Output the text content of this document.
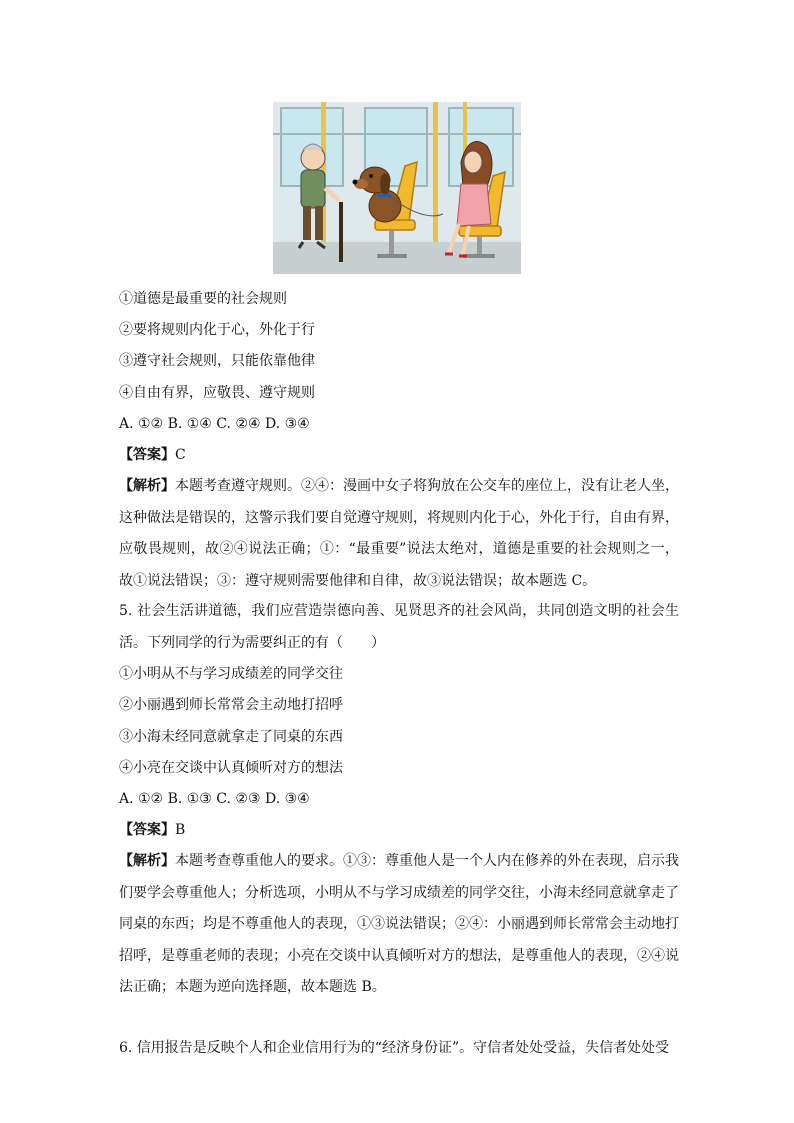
①道德是最重要的社会规则
②要将规则内化于心，外化于行
③遵守社会规则，只能依靠他律
④自由有界，应敬畏、遵守规则
A. ①② B. ①④ C. ②④ D. ③④
【答案】C
【解析】本题考查遵守规则。②④：漫画中女子将狗放在公交车的座位上，没有让老人坐，这种做法是错误的，这警示我们要自觉遵守规则，将规则内化于心，外化于行，自由有界，应敬畏规则，故②④说法正确；①：“最重要”说法太绝对，道德是重要的社会规则之一，故①说法错误；③：遵守规则需要他律和自律，故③说法错误；故本题选 C。
5. 社会生活讲道德，我们应营造崇德向善、见贤思齐的社会风尚，共同创造文明的社会生活。下列同学的行为需要纠正的有（　　）
①小明从不与学习成绩差的同学交往
②小丽遇到师长常常会主动地打招呼
③小海未经同意就拿走了同桌的东西
④小亮在交谈中认真倾听对方的想法
A. ①② B. ①③ C. ②③ D. ③④
【答案】B
【解析】本题考查尊重他人的要求。①③：尊重他人是一个人内在修养的外在表现，启示我们要学会尊重他人；分析选项，小明从不与学习成绩差的同学交往，小海未经同意就拿走了同桌的东西；均是不尊重他人的表现，①③说法错误；②④：小丽遇到师长常常会主动地打招呼，是尊重老师的表现；小亮在交谈中认真倾听对方的想法，是尊重他人的表现，②④说法正确；本题为逆向选择题，故本题选 B。
6. 信用报告是反映个人和企业信用行为的“经济身份证”。守信者处处受益，失信者处处受
